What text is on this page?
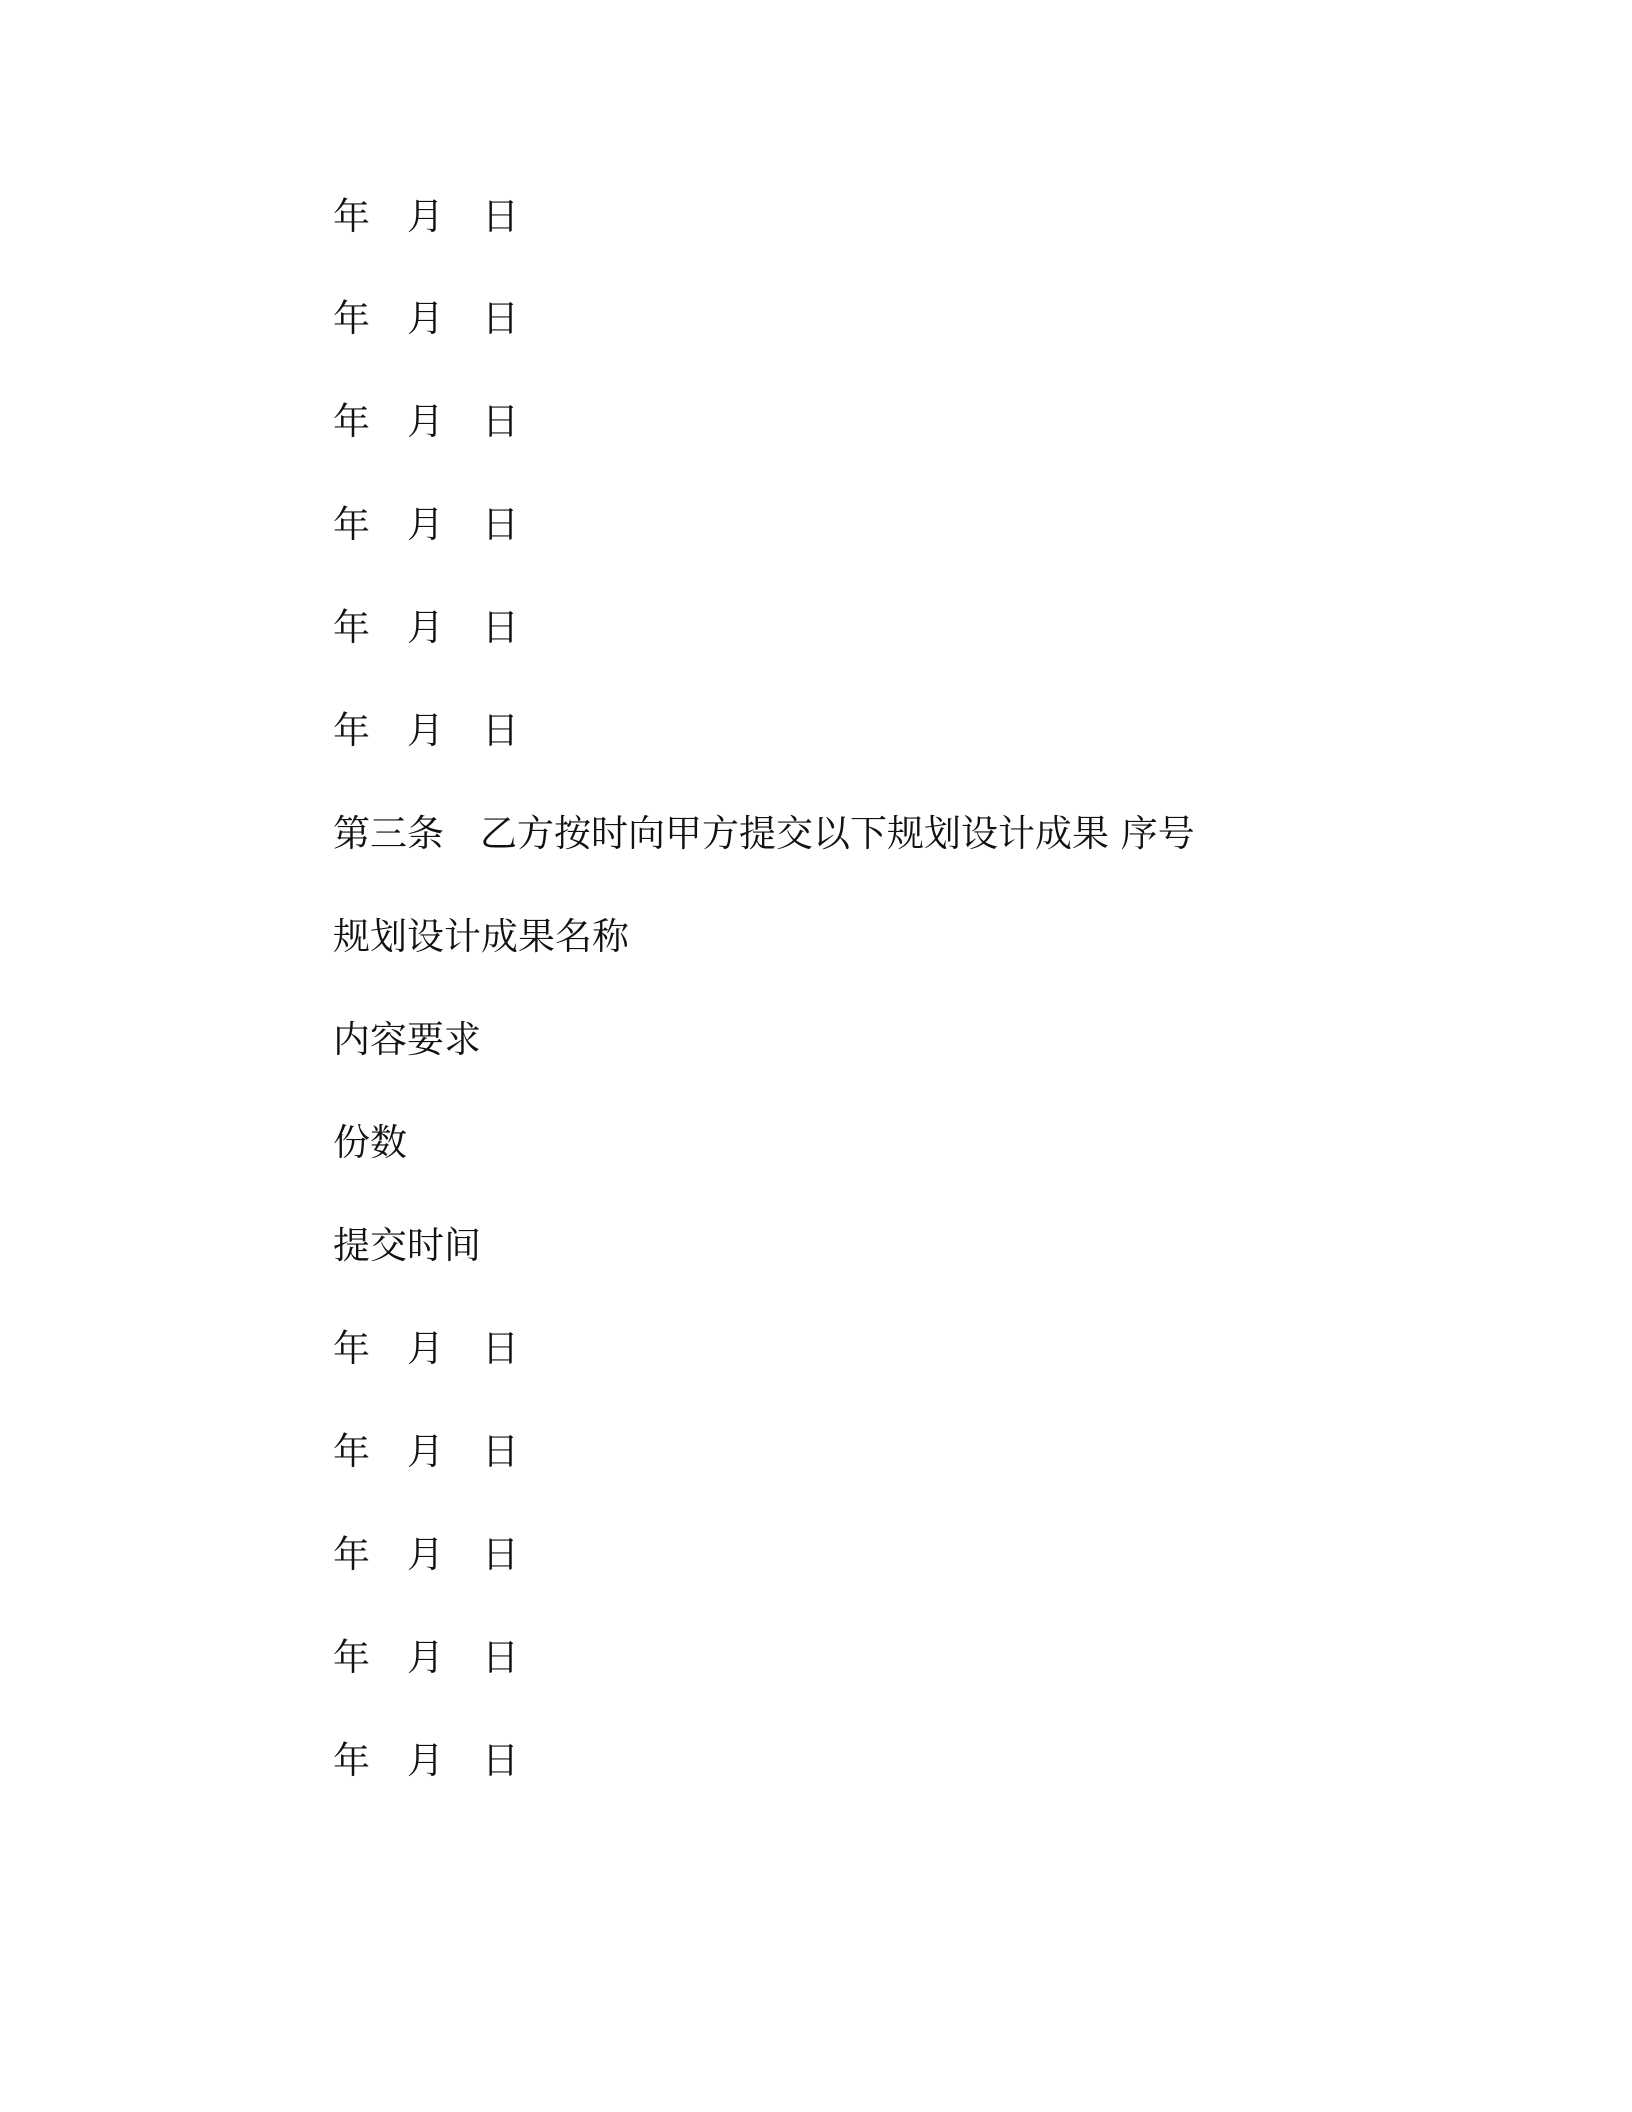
年 月 日
年 月 日
年 月 日
年 月 日
年 月 日
年 月 日
第三条 乙方按时向甲方提交以下规划设计成果 序号
规划设计成果名称
内容要求
份数
提交时间
年 月 日
年 月 日
年 月 日
年 月 日
年 月 日
